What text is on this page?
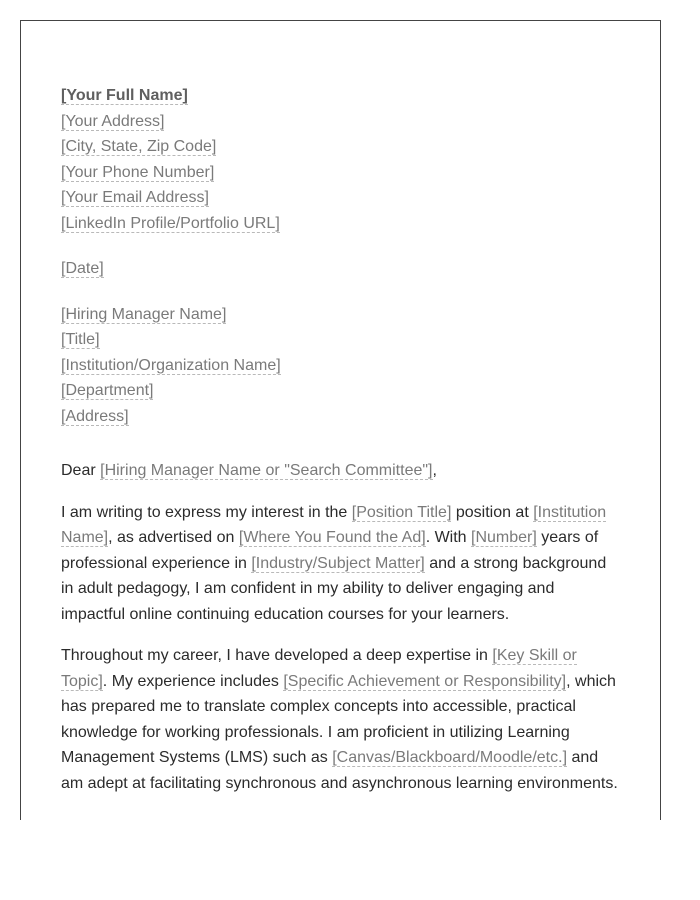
[Your Full Name]
[Your Address]
[City, State, Zip Code]
[Your Phone Number]
[Your Email Address]
[LinkedIn Profile/Portfolio URL]
[Date]
[Hiring Manager Name]
[Title]
[Institution/Organization Name]
[Department]
[Address]
Dear [Hiring Manager Name or "Search Committee"],
I am writing to express my interest in the [Position Title] position at [Institution
Name], as advertised on [Where You Found the Ad]. With [Number] years of
professional experience in [Industry/Subject Matter] and a strong background
in adult pedagogy, I am confident in my ability to deliver engaging and
impactful online continuing education courses for your learners.
Throughout my career, I have developed a deep expertise in [Key Skill or
Topic]. My experience includes [Specific Achievement or Responsibility], which
has prepared me to translate complex concepts into accessible, practical
knowledge for working professionals. I am proficient in utilizing Learning
Management Systems (LMS) such as [Canvas/Blackboard/Moodle/etc.] and
am adept at facilitating synchronous and asynchronous learning environments.
